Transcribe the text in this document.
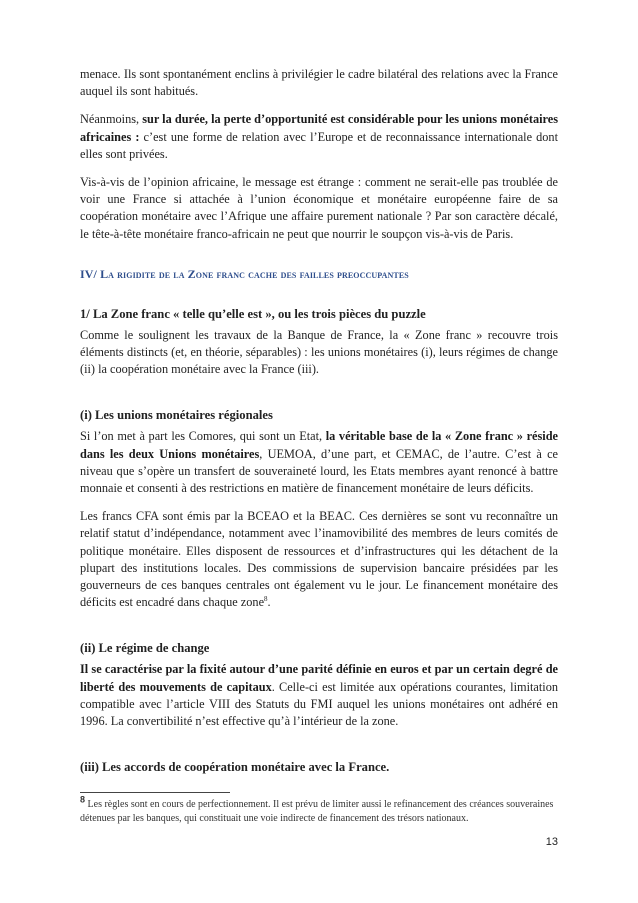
menace. Ils sont spontanément enclins à privilégier le cadre bilatéral des relations avec la France auquel ils sont habitués.

Néanmoins, sur la durée, la perte d’opportunité est considérable pour les unions monétaires africaines : c’est une forme de relation avec l’Europe et de reconnaissance internationale dont elles sont privées.

Vis-à-vis de l’opinion africaine, le message est étrange : comment ne serait-elle pas troublée de voir une France si attachée à l’union économique et monétaire européenne faire de sa coopération monétaire avec l’Afrique une affaire purement nationale ? Par son caractère décalé, le tête-à-tête monétaire franco-africain ne peut que nourrir le soupçon vis-à-vis de Paris.

IV/ La rigidite de la Zone franc cache des failles preoccupantes
1/ La Zone franc « telle qu’elle est », ou les trois pièces du puzzle

Comme le soulignent les travaux de la Banque de France, la « Zone franc » recouvre trois éléments distincts (et, en théorie, séparables) : les unions monétaires (i), leurs régimes de change (ii) la coopération monétaire avec la France (iii).

(i) Les unions monétaires régionales

Si l’on met à part les Comores, qui sont un Etat, la véritable base de la « Zone franc » réside dans les deux Unions monétaires, UEMOA, d’une part, et CEMAC, de l’autre. C’est à ce niveau que s’opère un transfert de souveraineté lourd, les Etats membres ayant renoncé à battre monnaie et consenti à des restrictions en matière de financement monétaire de leurs déficits.

Les francs CFA sont émis par la BCEAO et la BEAC. Ces dernières se sont vu reconnaître un relatif statut d’indépendance, notamment avec l’inamovibilité des membres de leurs comités de politique monétaire. Elles disposent de ressources et d’infrastructures qui les détachent de la plupart des institutions locales. Des commissions de supervision bancaire présidées par les gouverneurs de ces banques centrales ont également vu le jour. Le financement monétaire des déficits est encadré dans chaque zone$^8$.

(ii) Le régime de change

Il se caractérise par la fixité autour d’une parité définie en euros et par un certain degré de liberté des mouvements de capitaux. Celle-ci est limitée aux opérations courantes, limitation compatible avec l’article VIII des Statuts du FMI auquel les unions monétaires ont adhéré en 1996. La convertibilité n’est effective qu’à l’intérieur de la zone.

(iii) Les accords de coopération monétaire avec la France.
8 Les règles sont en cours de perfectionnement. Il est prévu de limiter aussi le refinancement des créances souveraines détenues par les banques, qui constituait une voie indirecte de financement des trésors nationaux.
13
